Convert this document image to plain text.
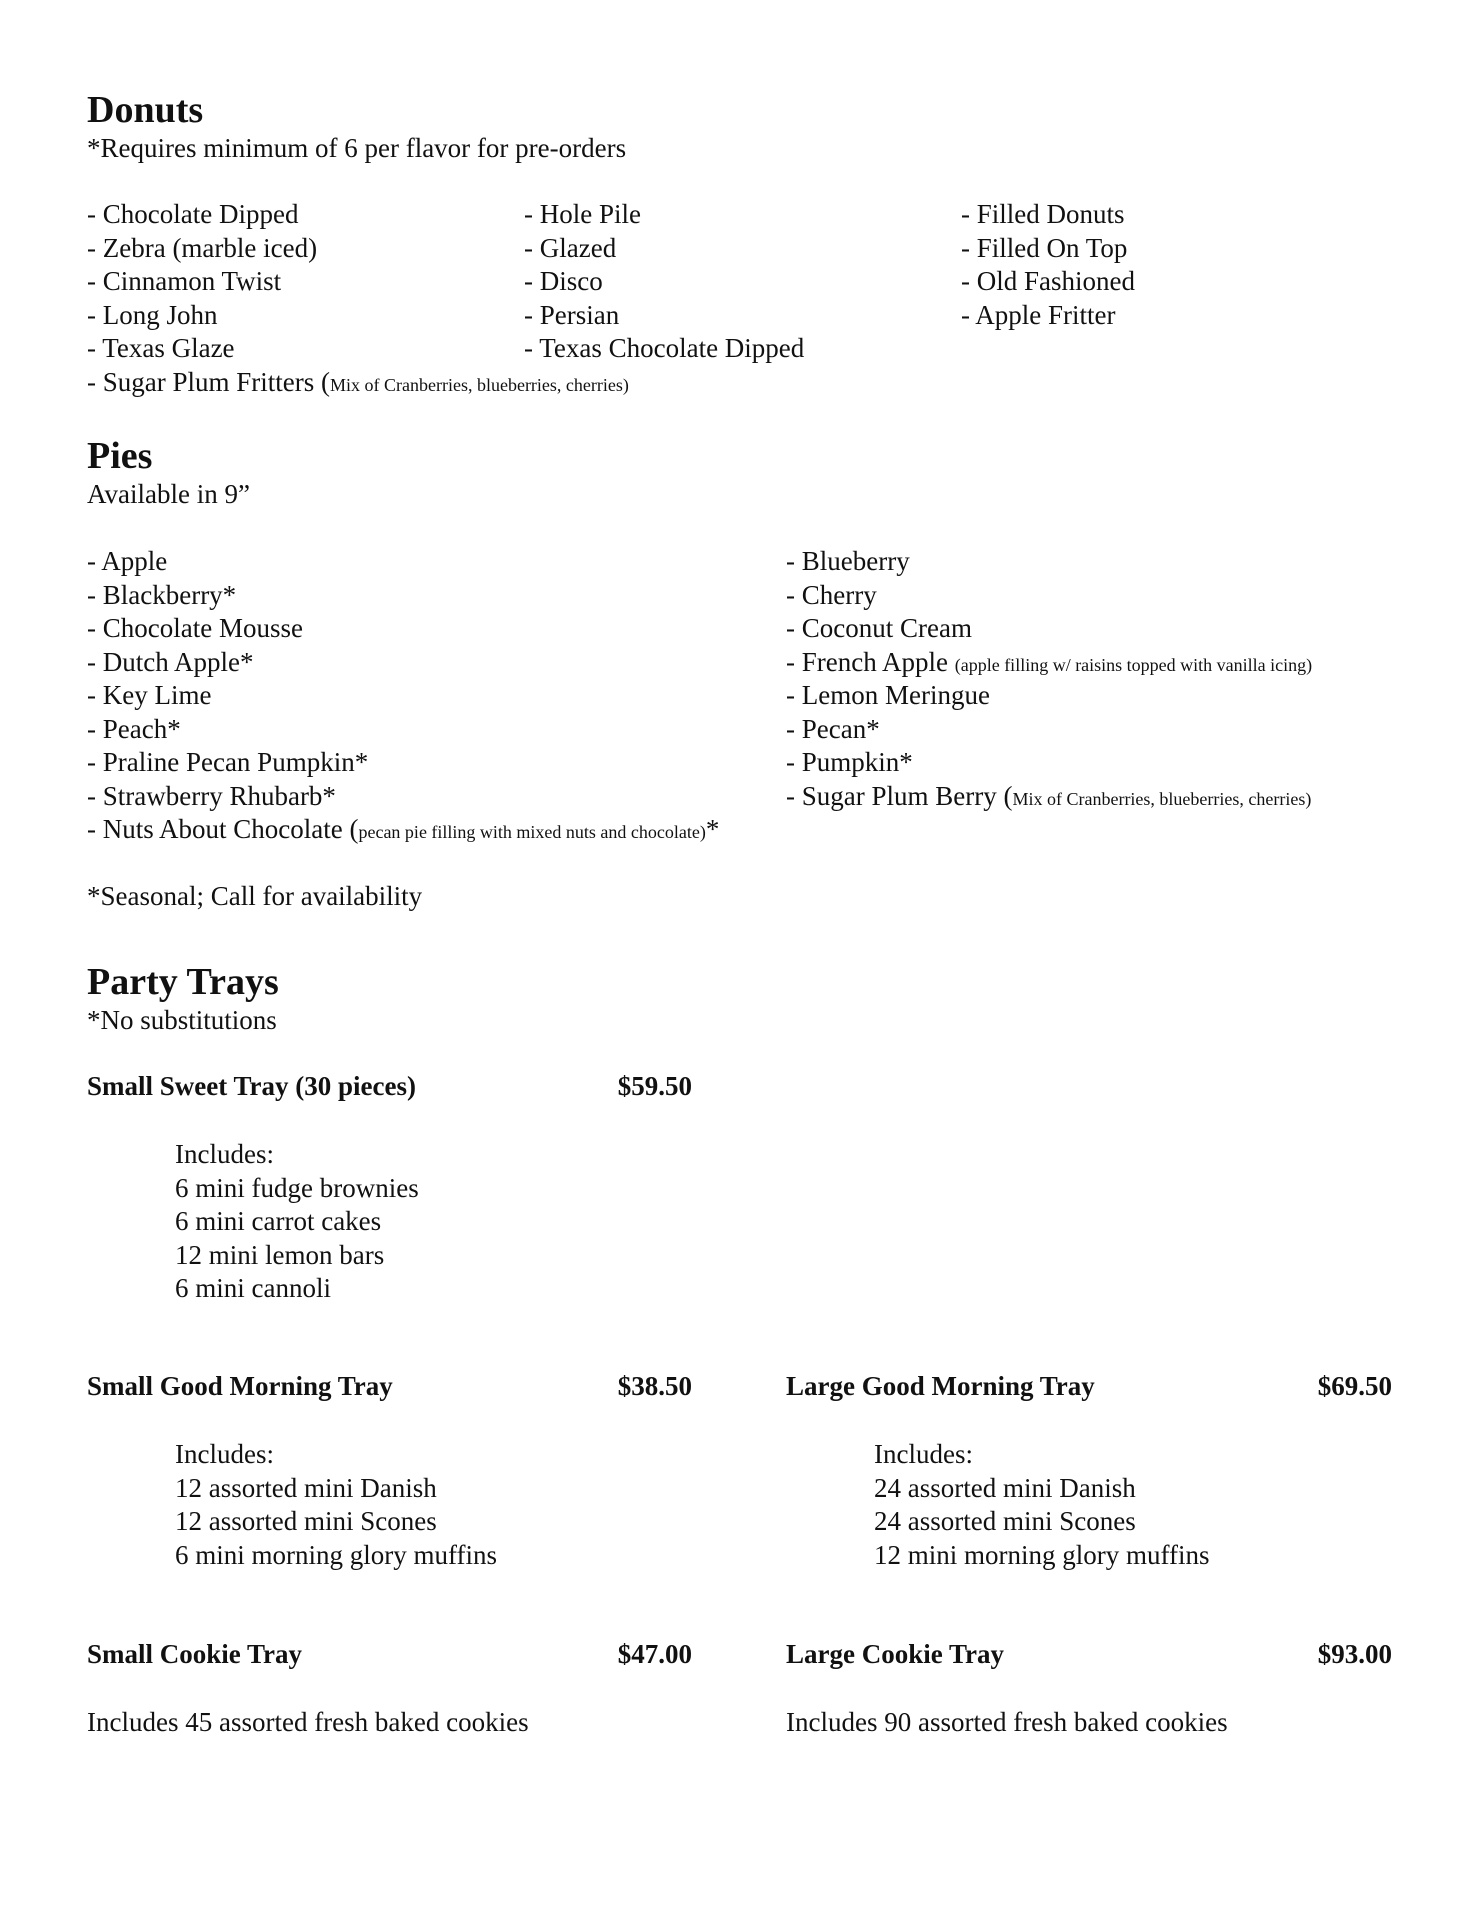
Donuts
*Requires minimum of 6 per flavor for pre-orders
- Chocolate Dipped
- Zebra (marble iced)
- Cinnamon Twist
- Long John
- Texas Glaze
- Sugar Plum Fritters (Mix of Cranberries, blueberries, cherries)
- Hole Pile
- Glazed
- Disco
- Persian
- Texas Chocolate Dipped
- Filled Donuts
- Filled On Top
- Old Fashioned
- Apple Fritter
Pies
Available in 9”
- Apple
- Blackberry*
- Chocolate Mousse
- Dutch Apple*
- Key Lime
- Peach*
- Praline Pecan Pumpkin*
- Strawberry Rhubarb*
- Nuts About Chocolate (pecan pie filling with mixed nuts and chocolate)*
- Blueberry
- Cherry
- Coconut Cream
- French Apple (apple filling w/ raisins topped with vanilla icing)
- Lemon Meringue
- Pecan*
- Pumpkin*
- Sugar Plum Berry (Mix of Cranberries, blueberries, cherries)
*Seasonal; Call for availability
Party Trays
*No substitutions
Small Sweet Tray (30 pieces)	$59.50
Includes:
6 mini fudge brownies
6 mini carrot cakes
12 mini lemon bars
6 mini cannoli
Small Good Morning Tray	$38.50
Includes:
12 assorted mini Danish
12 assorted mini Scones
6 mini morning glory muffins
Large Good Morning Tray	$69.50
Includes:
24 assorted mini Danish
24 assorted mini Scones
12 mini morning glory muffins
Small Cookie Tray	$47.00
Includes 45 assorted fresh baked cookies
Large Cookie Tray	$93.00
Includes 90 assorted fresh baked cookies
